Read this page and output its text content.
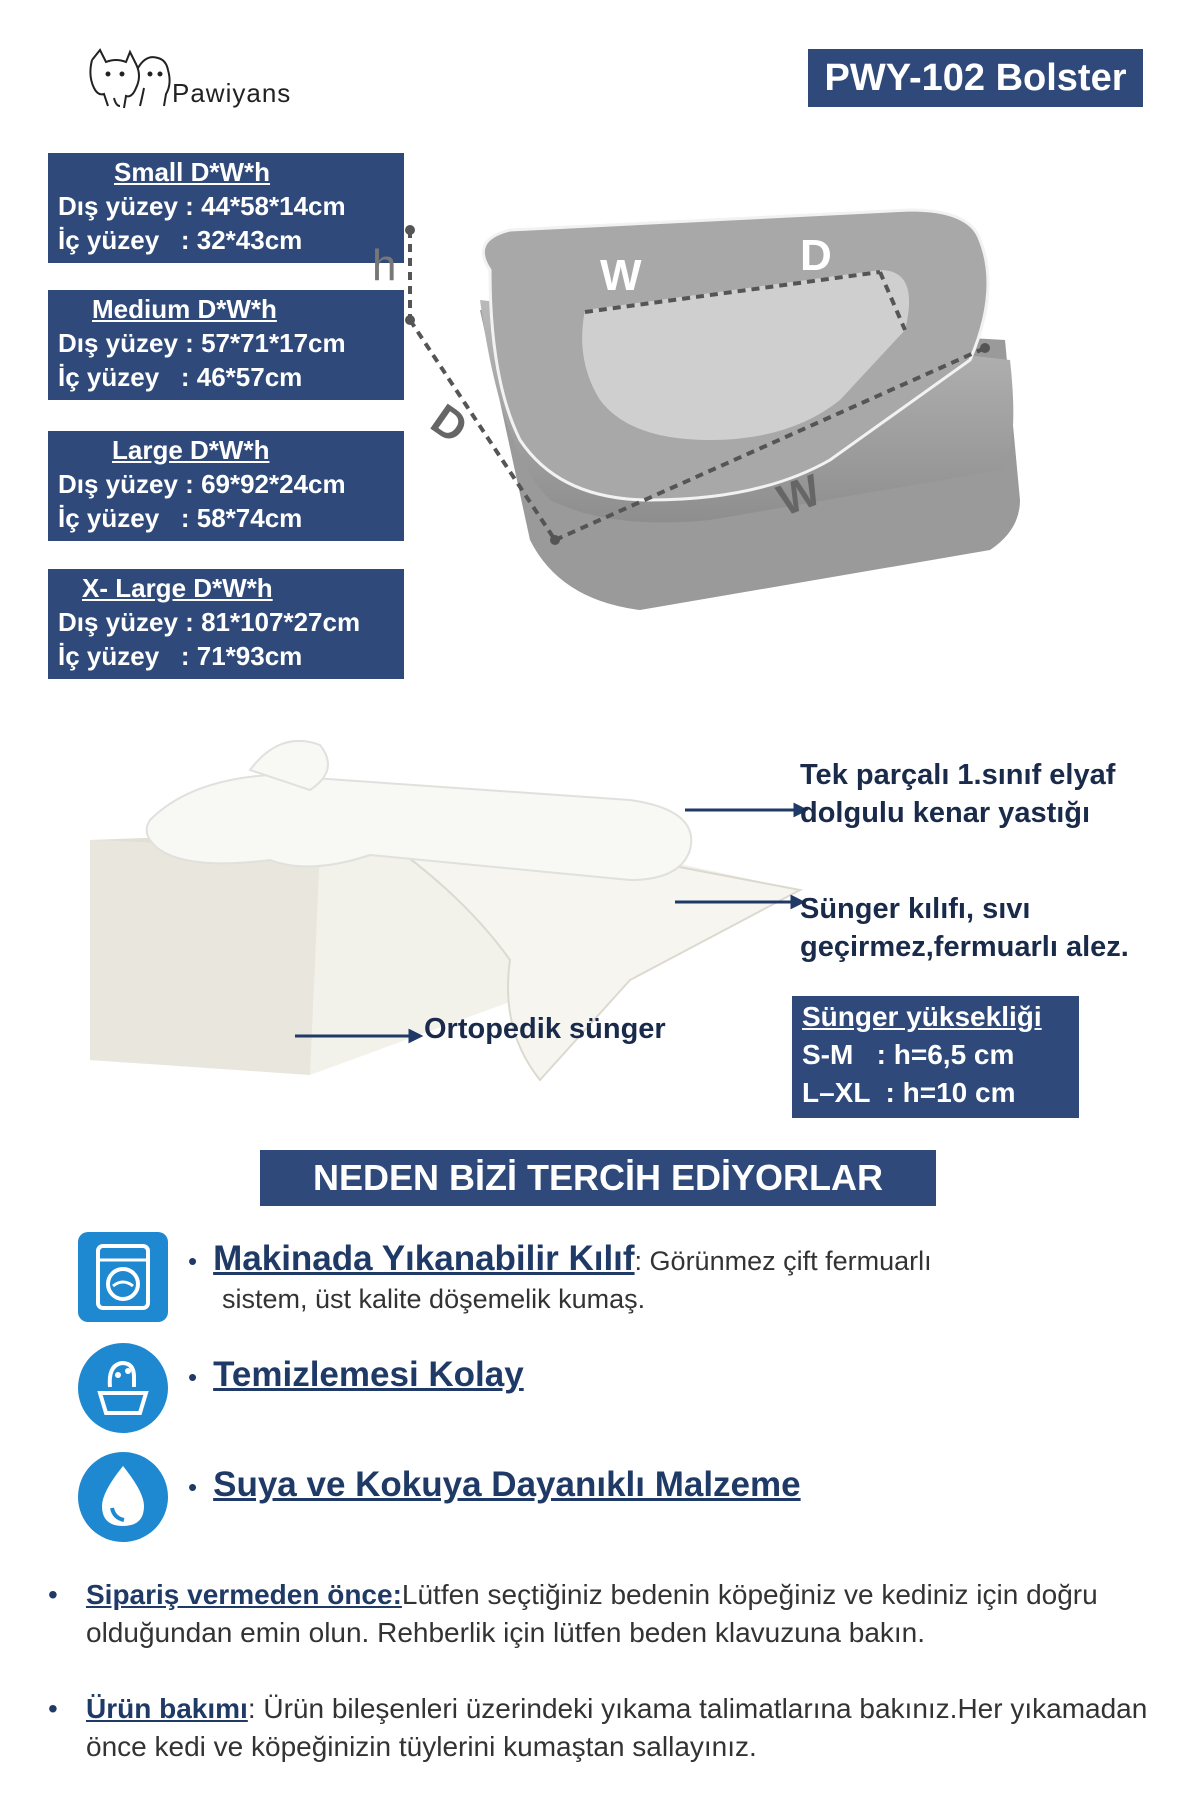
Pawiyans	PWY-102 Bolster
Small D*W*h
Dış yüzey : 44*58*14cm
İç yüzey   : 32*43cm
Medium D*W*h
Dış yüzey : 57*71*17cm
İç yüzey   : 46*57cm
Large D*W*h
Dış yüzey : 69*92*24cm
İç yüzey   : 58*74cm
X- Large D*W*h
Dış yüzey : 81*107*27cm
İç yüzey   : 71*93cm
h	W	D
D
W
Tek parçalı 1.sınıf elyaf dolgulu kenar yastığı
Sünger kılıfı, sıvı geçirmez,fermuarlı alez.
Ortopedik sünger	Sünger yüksekliği
S-M   : h=6,5 cm
L–XL  : h=10 cm
NEDEN BİZİ TERCİH EDİYORLAR
• Makinada Yıkanabilir Kılıf: Görünmez çift fermuarlı
sistem, üst kalite döşemelik kumaş.
• Temizlemesi Kolay
• Suya ve Kokuya Dayanıklı Malzeme
• Sipariş vermeden önce:Lütfen seçtiğiniz bedenin köpeğiniz ve kediniz için doğru olduğundan emin olun. Rehberlik için lütfen beden klavuzuna bakın.
• Ürün bakımı: Ürün bileşenleri üzerindeki yıkama talimatlarına bakınız.Her yıkamadan önce kedi ve köpeğinizin tüylerini kumaştan sallayınız.
